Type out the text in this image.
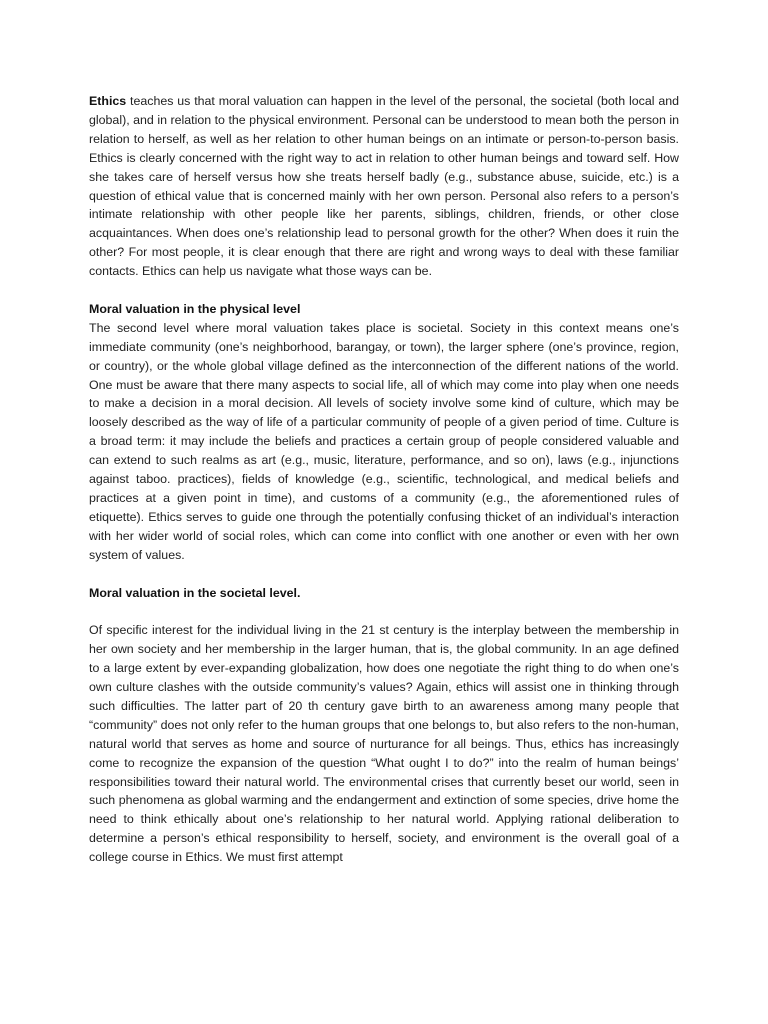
Ethics teaches us that moral valuation can happen in the level of the personal, the societal (both local and global), and in relation to the physical environment. Personal can be understood to mean both the person in relation to herself, as well as her relation to other human beings on an intimate or person-to-person basis. Ethics is clearly concerned with the right way to act in relation to other human beings and toward self. How she takes care of herself versus how she treats herself badly (e.g., substance abuse, suicide, etc.) is a question of ethical value that is concerned mainly with her own person. Personal also refers to a person’s intimate relationship with other people like her parents, siblings, children, friends, or other close acquaintances. When does one’s relationship lead to personal growth for the other? When does it ruin the other? For most people, it is clear enough that there are right and wrong ways to deal with these familiar contacts. Ethics can help us navigate what those ways can be.

Moral valuation in the physical level

The second level where moral valuation takes place is societal. Society in this context means one’s immediate community (one’s neighborhood, barangay, or town), the larger sphere (one’s province, region, or country), or the whole global village defined as the interconnection of the different nations of the world. One must be aware that there many aspects to social life, all of which may come into play when one needs to make a decision in a moral decision. All levels of society involve some kind of culture, which may be loosely described as the way of life of a particular community of people of a given period of time. Culture is a broad term: it may include the beliefs and practices a certain group of people considered valuable and can extend to such realms as art (e.g., music, literature, performance, and so on), laws (e.g., injunctions against taboo. practices), fields of knowledge (e.g., scientific, technological, and medical beliefs and practices at a given point in time), and customs of a community (e.g., the aforementioned rules of etiquette). Ethics serves to guide one through the potentially confusing thicket of an individual’s interaction with her wider world of social roles, which can come into conflict with one another or even with her own system of values.

Moral valuation in the societal level.

Of specific interest for the individual living in the 21 st century is the interplay between the membership in her own society and her membership in the larger human, that is, the global community. In an age defined to a large extent by ever-expanding globalization, how does one negotiate the right thing to do when one’s own culture clashes with the outside community’s values? Again, ethics will assist one in thinking through such difficulties. The latter part of 20 th century gave birth to an awareness among many people that “community” does not only refer to the human groups that one belongs to, but also refers to the non-human, natural world that serves as home and source of nurturance for all beings. Thus, ethics has increasingly come to recognize the expansion of the question “What ought I to do?” into the realm of human beings’ responsibilities toward their natural world. The environmental crises that currently beset our world, seen in such phenomena as global warming and the endangerment and extinction of some species, drive home the need to think ethically about one’s relationship to her natural world. Applying rational deliberation to determine a person’s ethical responsibility to herself, society, and environment is the overall goal of a college course in Ethics. We must first attempt
